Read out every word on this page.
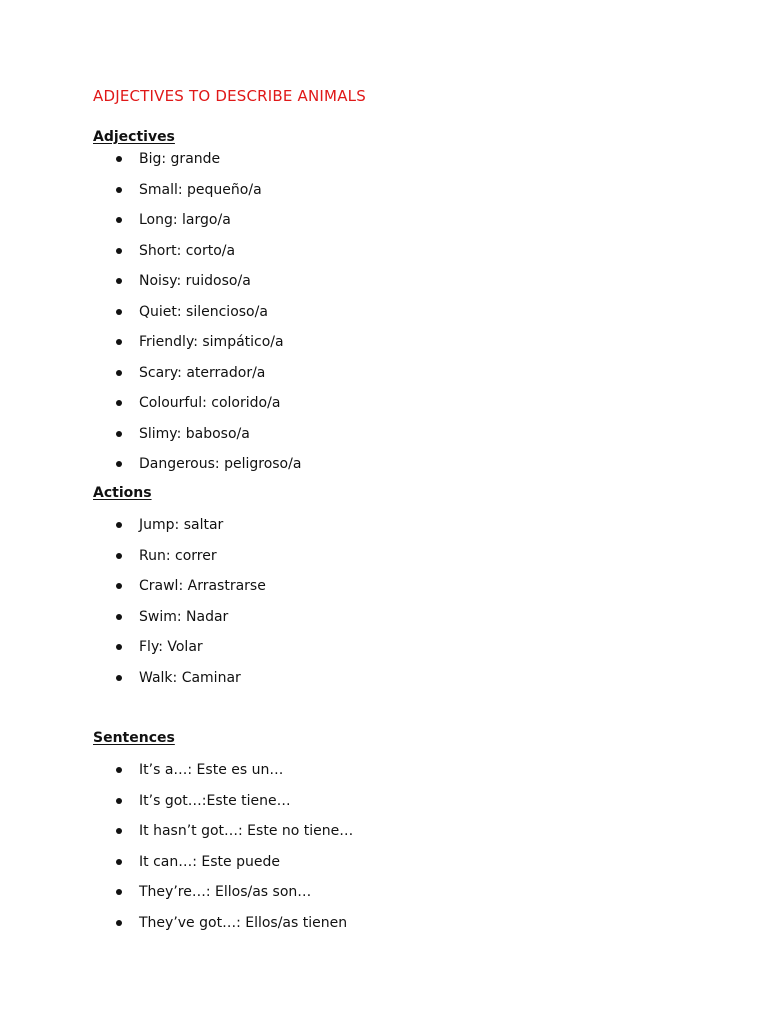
ADJECTIVES TO DESCRIBE ANIMALS
Adjectives
Big: grande
Small: pequeño/a
Long: largo/a
Short: corto/a
Noisy: ruidoso/a
Quiet: silencioso/a
Friendly: simpático/a
Scary: aterrador/a
Colourful: colorido/a
Slimy: baboso/a
Dangerous: peligroso/a
Actions
Jump: saltar
Run: correr
Crawl: Arrastrarse
Swim: Nadar
Fly: Volar
Walk: Caminar
Sentences
It’s a…: Este es un…
It’s got…:Este tiene…
It hasn’t got…: Este no tiene…
It can…: Este puede
They’re…: Ellos/as son…
They’ve got…: Ellos/as tienen
